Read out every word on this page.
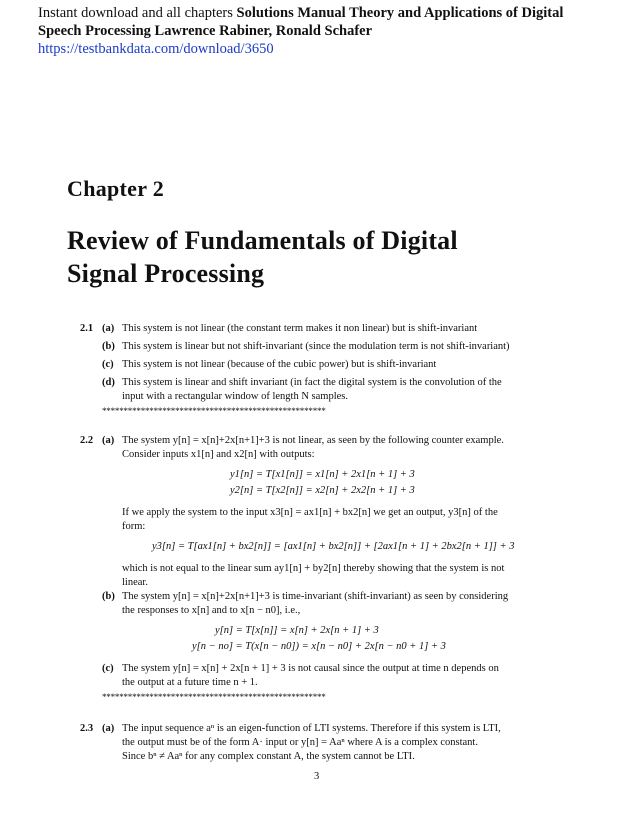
Instant download and all chapters Solutions Manual Theory and Applications of Digital Speech Processing Lawrence Rabiner, Ronald Schafer
https://testbankdata.com/download/3650
Chapter 2
Review of Fundamentals of Digital
Signal Processing
2.1 (a) This system is not linear (the constant term makes it non linear) but is shift-invariant
(b) This system is linear but not shift-invariant (since the modulation term is not shift-invariant)
(c) This system is not linear (because of the cubic power) but is shift-invariant
(d) This system is linear and shift invariant (in fact the digital system is the convolution of the
input with a rectangular window of length N samples.
****************************************************
2.2 (a) The system y[n] = x[n]+2x[n+1]+3 is not linear, as seen by the following counter example.
Consider inputs x1[n] and x2[n] with outputs:
y1[n] = T[x1[n]] = x1[n] + 2x1[n + 1] + 3
y2[n] = T[x2[n]] = x2[n] + 2x2[n + 1] + 3
If we apply the system to the input x3[n] = ax1[n] + bx2[n] we get an output, y3[n] of the
form:
y3[n] = T[ax1[n] + bx2[n]] = [ax1[n] + bx2[n]] + [2ax1[n + 1] + 2bx2[n + 1]] + 3
which is not equal to the linear sum ay1[n] + by2[n] thereby showing that the system is not
linear.
(b) The system y[n] = x[n]+2x[n+1]+3 is time-invariant (shift-invariant) as seen by considering
the responses to x[n] and to x[n − n0], i.e.,
y[n] = T[x[n]] = x[n] + 2x[n + 1] + 3
y[n − no] = T(x[n − n0]) = x[n − n0] + 2x[n − n0 + 1] + 3
(c) The system y[n] = x[n] + 2x[n + 1] + 3 is not causal since the output at time n depends on
the output at a future time n + 1.
****************************************************
2.3 (a) The input sequence aⁿ is an eigen-function of LTI systems. Therefore if this system is LTI,
the output must be of the form A· input or y[n] = Aaⁿ where A is a complex constant.
Since bⁿ ≠ Aaⁿ for any complex constant A, the system cannot be LTI.
3
